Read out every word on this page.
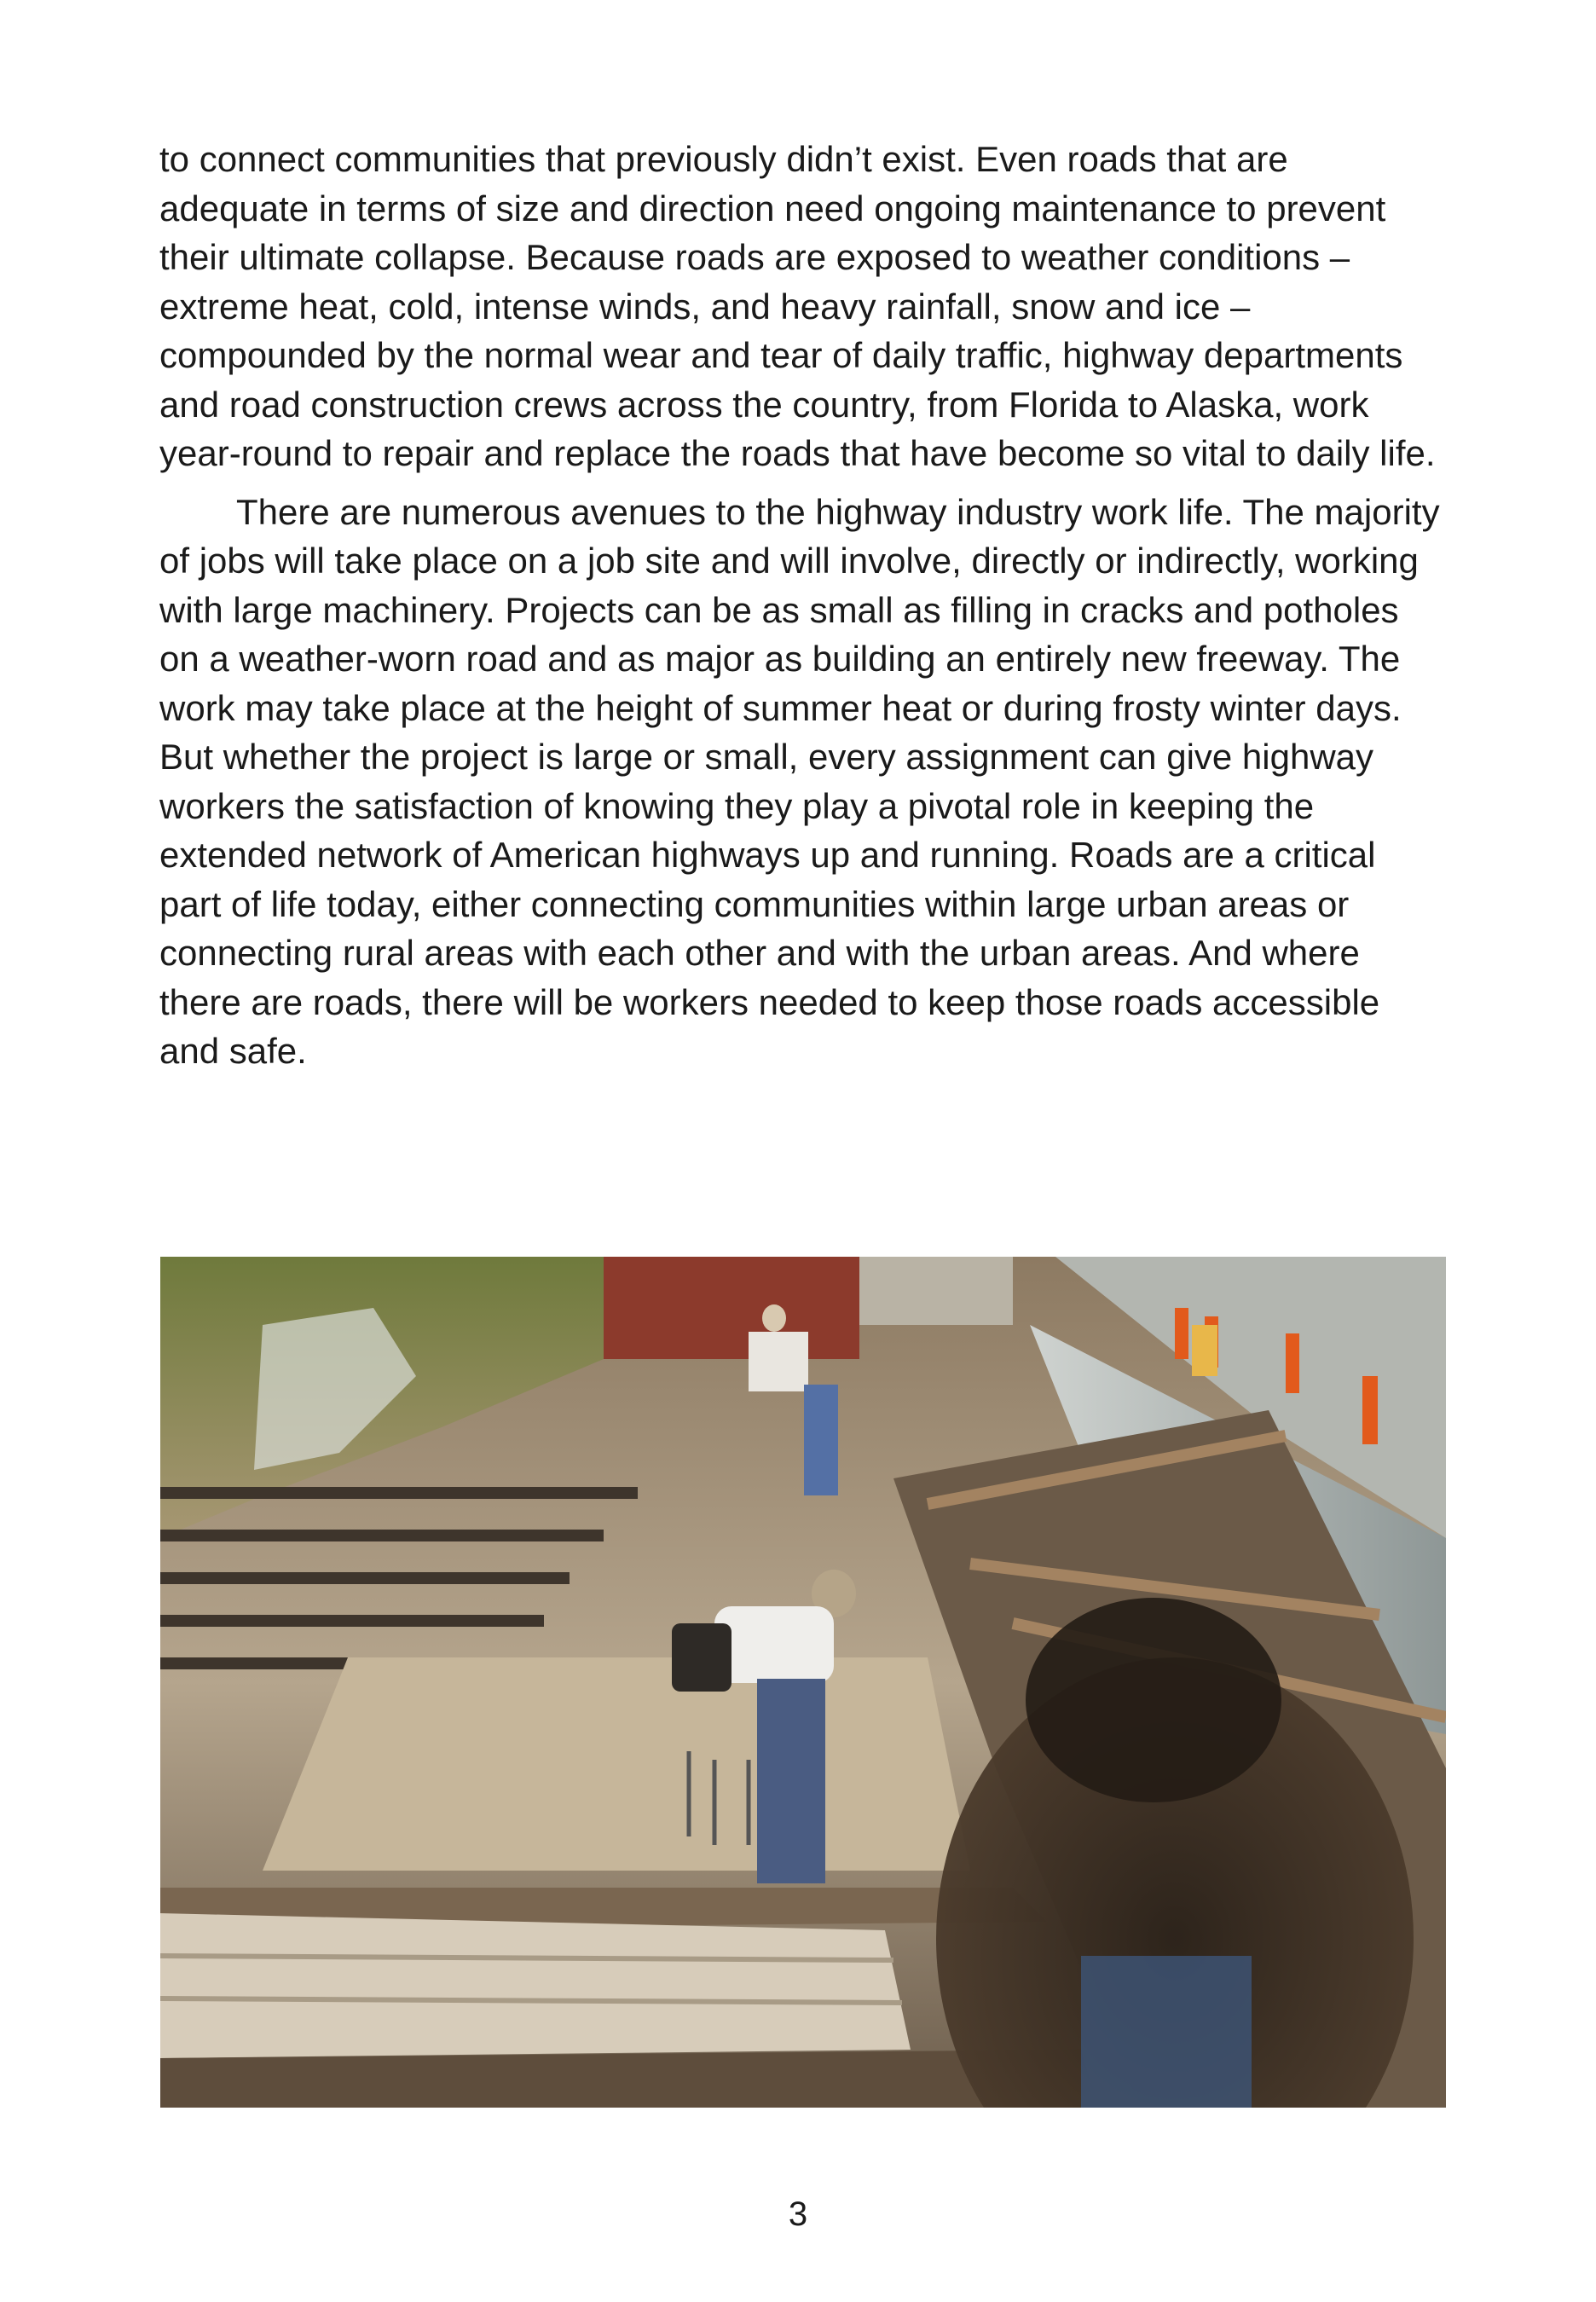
to connect communities that previously didn’t exist. Even roads that are adequate in terms of size and direction need ongoing maintenance to prevent their ultimate collapse. Because roads are exposed to weather conditions – extreme heat, cold, intense winds, and heavy rainfall, snow and ice – compounded by the normal wear and tear of daily traffic, highway departments and road construction crews across the country, from Florida to Alaska, work year-round to repair and replace the roads that have become so vital to daily life.

There are numerous avenues to the highway industry work life. The majority of jobs will take place on a job site and will involve, directly or indirectly, working with large machinery. Projects can be as small as filling in cracks and potholes on a weather-worn road and as major as building an entirely new freeway. The work may take place at the height of summer heat or during frosty winter days. But whether the project is large or small, every assignment can give highway workers the satisfaction of knowing they play a pivotal role in keeping the extended network of American highways up and running. Roads are a critical part of life today, either connecting communities within large urban areas or connecting rural areas with each other and with the urban areas. And where there are roads, there will be workers needed to keep those roads accessible and safe.

3
